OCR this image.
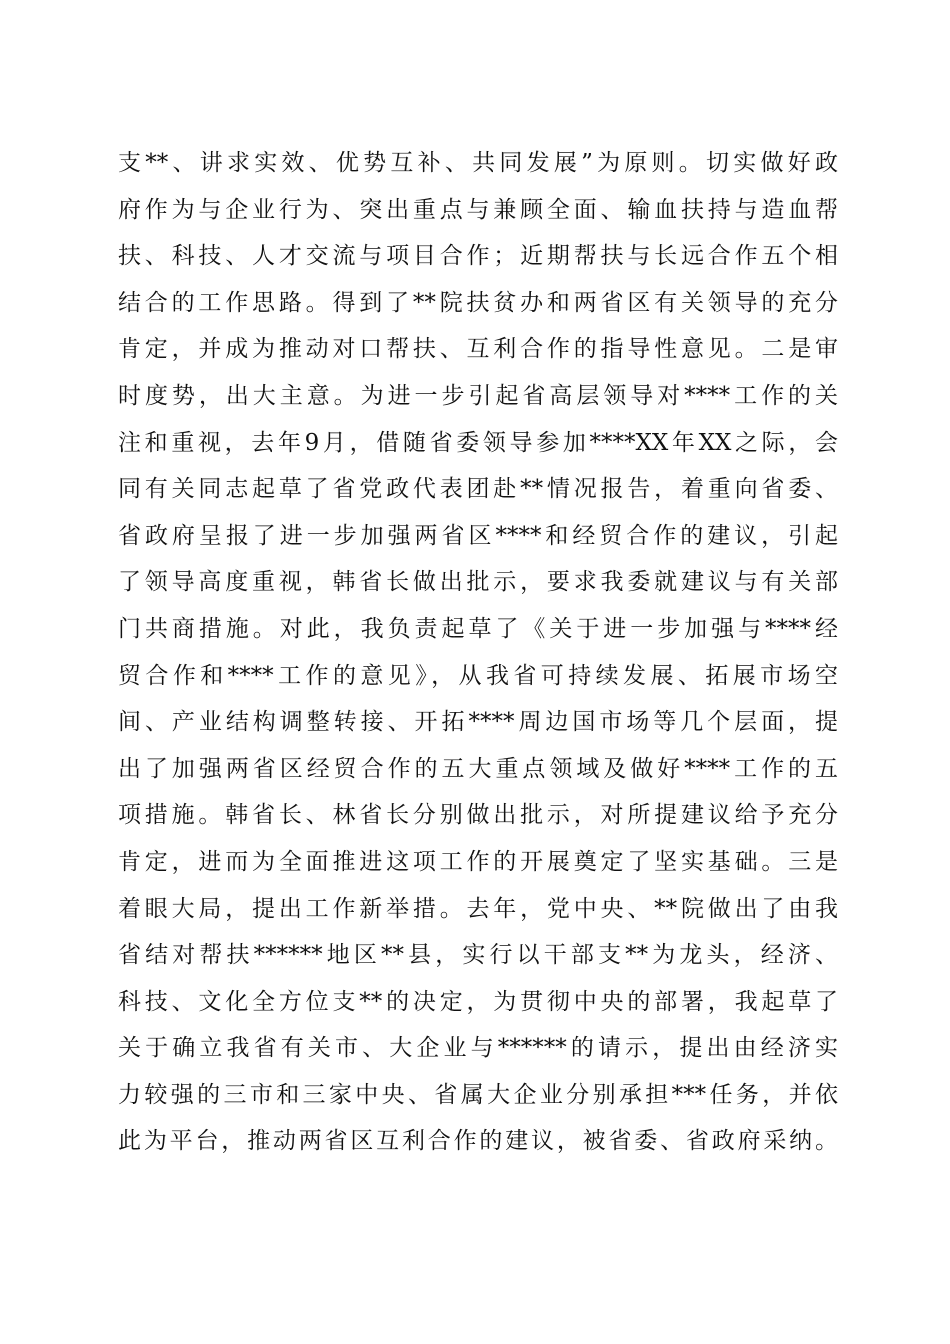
支**、讲求实效、优势互补、共同发展”为原则。切实做好政
府作为与企业行为、突出重点与兼顾全面、输血扶持与造血帮
扶、科技、人才交流与项目合作；近期帮扶与长远合作五个相
结合的工作思路。得到了**院扶贫办和两省区有关领导的充分
肯定，并成为推动对口帮扶、互利合作的指导性意见。二是审
时度势，出大主意。为进一步引起省高层领导对****工作的关
注和重视，去年9月，借随省委领导参加****XX年XX之际，会
同有关同志起草了省党政代表团赴**情况报告，着重向省委、
省政府呈报了进一步加强两省区****和经贸合作的建议，引起
了领导高度重视，韩省长做出批示，要求我委就建议与有关部
门共商措施。对此，我负责起草了《关于进一步加强与****经
贸合作和****工作的意见》，从我省可持续发展、拓展市场空
间、产业结构调整转接、开拓****周边国市场等几个层面，提
出了加强两省区经贸合作的五大重点领域及做好****工作的五
项措施。韩省长、林省长分别做出批示，对所提建议给予充分
肯定，进而为全面推进这项工作的开展奠定了坚实基础。三是
着眼大局，提出工作新举措。去年，党中央、**院做出了由我
省结对帮扶******地区**县，实行以干部支**为龙头，经济、
科技、文化全方位支**的决定，为贯彻中央的部署，我起草了
关于确立我省有关市、大企业与******的请示，提出由经济实
力较强的三市和三家中央、省属大企业分别承担***任务，并依
此为平台，推动两省区互利合作的建议，被省委、省政府采纳。
